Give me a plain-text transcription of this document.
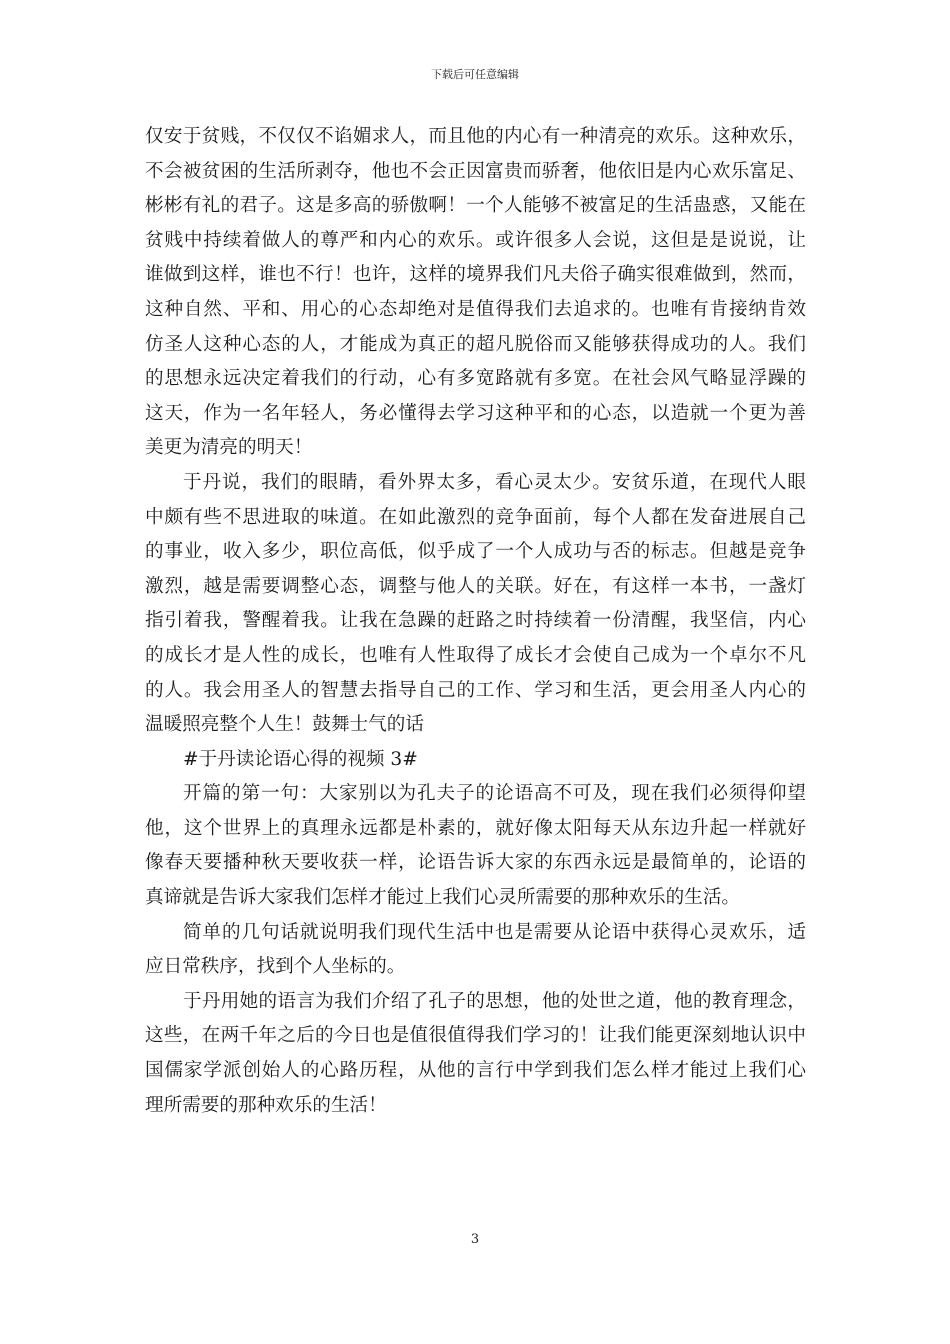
下载后可任意编辑
仅安于贫贱，不仅仅不谄媚求人，而且他的内心有一种清亮的欢乐。这种欢乐，
不会被贫困的生活所剥夺，他也不会正因富贵而骄奢，他依旧是内心欢乐富足、
彬彬有礼的君子。这是多高的骄傲啊！一个人能够不被富足的生活蛊惑，又能在
贫贱中持续着做人的尊严和内心的欢乐。或许很多人会说，这但是是说说，让
谁做到这样，谁也不行！也许，这样的境界我们凡夫俗子确实很难做到，然而，
这种自然、平和、用心的心态却绝对是值得我们去追求的。也唯有肯接纳肯效
仿圣人这种心态的人，才能成为真正的超凡脱俗而又能够获得成功的人。我们
的思想永远决定着我们的行动，心有多宽路就有多宽。在社会风气略显浮躁的
这天，作为一名年轻人，务必懂得去学习这种平和的心态，以造就一个更为善
美更为清亮的明天！
于丹说，我们的眼睛，看外界太多，看心灵太少。安贫乐道，在现代人眼
中颇有些不思进取的味道。在如此激烈的竞争面前，每个人都在发奋进展自己
的事业，收入多少，职位高低，似乎成了一个人成功与否的标志。但越是竞争
激烈，越是需要调整心态，调整与他人的关联。好在，有这样一本书，一盏灯
指引着我，警醒着我。让我在急躁的赶路之时持续着一份清醒，我坚信，内心
的成长才是人性的成长，也唯有人性取得了成长才会使自己成为一个卓尔不凡
的人。我会用圣人的智慧去指导自己的工作、学习和生活，更会用圣人内心的
温暖照亮整个人生！鼓舞士气的话
#于丹读论语心得的视频 3#
开篇的第一句：大家别以为孔夫子的论语高不可及，现在我们必须得仰望
他，这个世界上的真理永远都是朴素的，就好像太阳每天从东边升起一样就好
像春天要播种秋天要收获一样，论语告诉大家的东西永远是最简单的，论语的
真谛就是告诉大家我们怎样才能过上我们心灵所需要的那种欢乐的生活。
简单的几句话就说明我们现代生活中也是需要从论语中获得心灵欢乐，适
应日常秩序，找到个人坐标的。
于丹用她的语言为我们介绍了孔子的思想，他的处世之道，他的教育理念，
这些，在两千年之后的今日也是值很值得我们学习的！让我们能更深刻地认识中
国儒家学派创始人的心路历程，从他的言行中学到我们怎么样才能过上我们心
理所需要的那种欢乐的生活！
3
